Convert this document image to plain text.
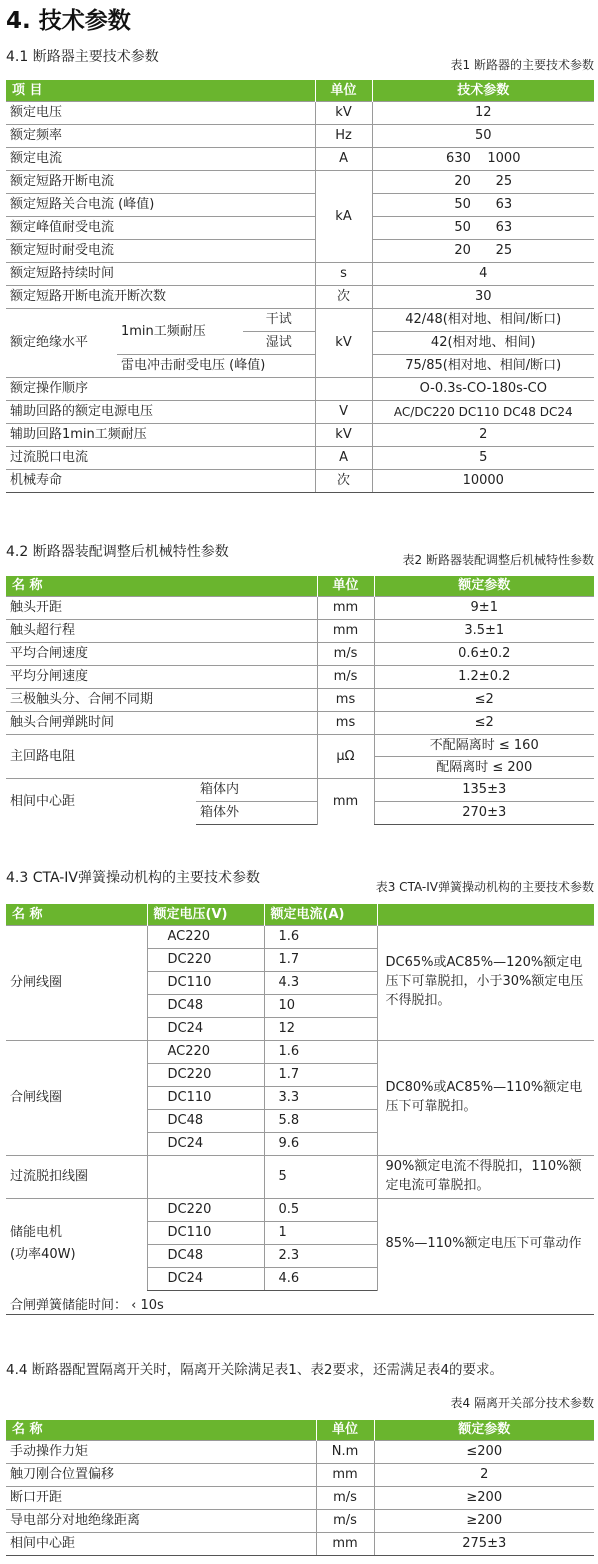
4. 技术参数
4.1 断路器主要技术参数	表1 断路器的主要技术参数
项 目			单位	技术参数
额定电压			kV	12
额定频率			Hz	50
额定电流			A	630    1000
额定短路开断电流			kA	20      25
额定短路关合电流 (峰值)				50      63
额定峰值耐受电流				50      63
额定短时耐受电流				20      25
额定短路持续时间			s	4
额定短路开断电流开断次数			次	30
额定绝缘水平	1min工频耐压	干试	kV	42/48(相对地、相间/断口)
		湿试		42(相对地、相间)
	雷电冲击耐受电压 (峰值)			75/85(相对地、相间/断口)
额定操作顺序				O-0.3s-CO-180s-CO
辅助回路的额定电源电压			V	AC/DC220 DC110 DC48 DC24
辅助回路1min工频耐压			kV	2
过流脱口电流			A	5
机械寿命			次	10000
4.2 断路器装配调整后机械特性参数	表2 断路器装配调整后机械特性参数
名 称		单位	额定参数
触头开距		mm	9±1
触头超行程		mm	3.5±1
平均合闸速度		m/s	0.6±0.2
平均分闸速度		m/s	1.2±0.2
三极触头分、合闸不同期		ms	≤2
触头合闸弹跳时间		ms	≤2
主回路电阻		μΩ	不配隔离时 ≤ 160
			配隔离时 ≤ 200
相间中心距	箱体内	mm	135±3
	箱体外		270±3
4.3 CTA-IV弹簧操动机构的主要技术参数
表3 CTA-IV弹簧操动机构的主要技术参数
名 称	额定电压(V)	额定电流(A)	
分闸线圈	AC220	1.6	DC65%或AC85%—120%额定电压下可靠脱扣，小于30%额定电压不得脱扣。
	DC220	1.7	
	DC110	4.3	
	DC48	10	
	DC24	12	
合闸线圈	AC220	1.6	DC80%或AC85%—110%额定电压下可靠脱扣。
	DC220	1.7	
	DC110	3.3	
	DC48	5.8	
	DC24	9.6	
过流脱扣线圈		5	90%额定电流不得脱扣，110%额定电流可靠脱扣。
储能电机
(功率40W)	DC220	0.5	85%—110%额定电压下可靠动作
	DC110	1	
	DC48	2.3	
	DC24	4.6	
合闸弹簧储能时间： ‹ 10s
4.4 断路器配置隔离开关时，隔离开关除满足表1、表2要求，还需满足表4的要求。
表4 隔离开关部分技术参数
名 称	单位	额定参数
手动操作力矩	N.m	≤200
触刀刚合位置偏移	mm	2
断口开距	m/s	≥200
导电部分对地绝缘距离	m/s	≥200
相间中心距	mm	275±3
